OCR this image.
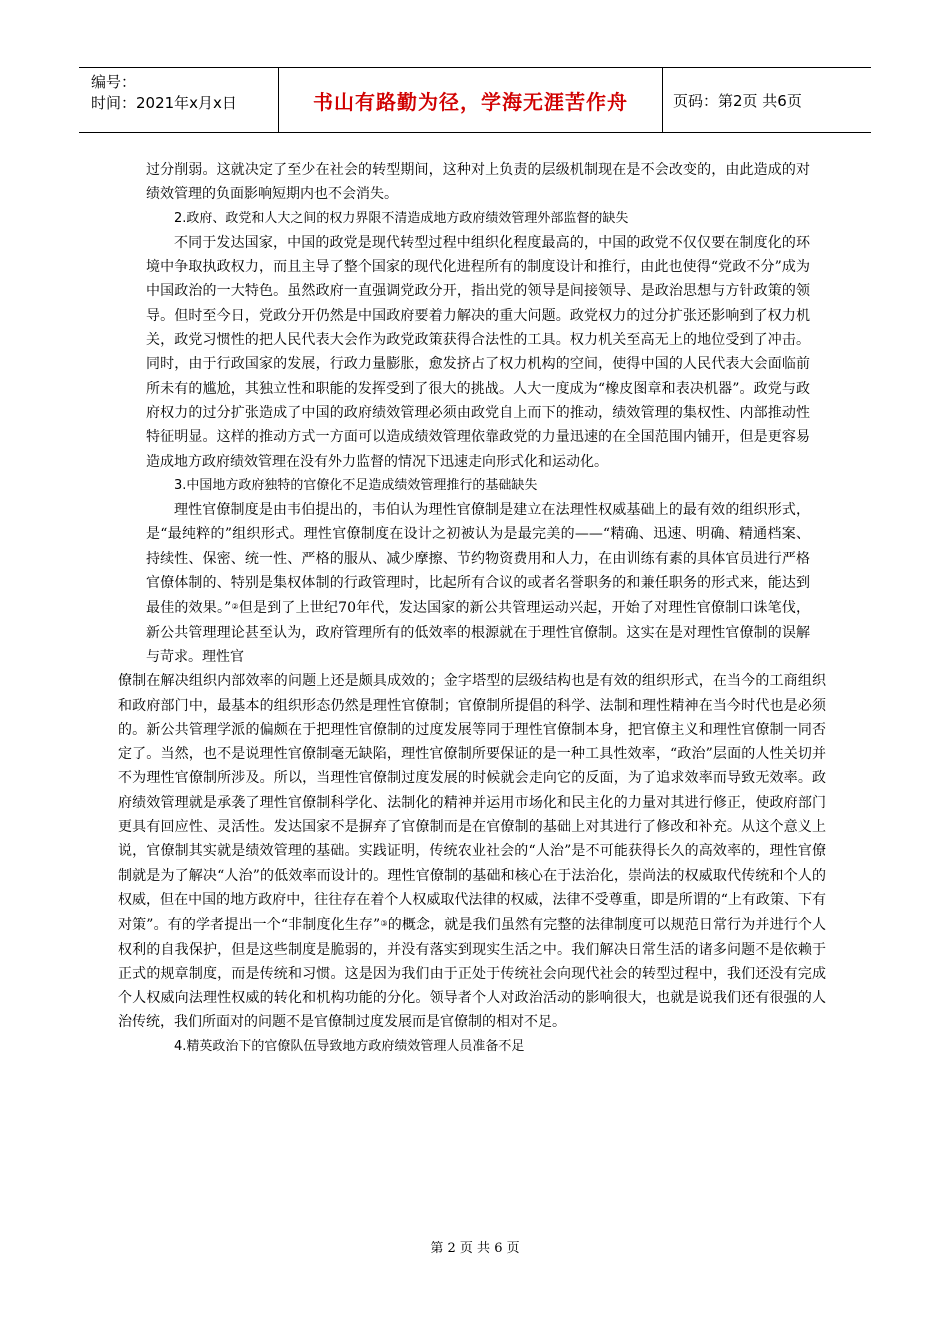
编号：
时间：2021年x月x日	书山有路勤为径，学海无涯苦作舟	页码：第2页 共6页

过分削弱。这就决定了至少在社会的转型期间，这种对上负责的层级机制现在是不会改变的，由此造成的对绩效管理的负面影响短期内也不会消失。

2.政府、政党和人大之间的权力界限不清造成地方政府绩效管理外部监督的缺失

不同于发达国家，中国的政党是现代转型过程中组织化程度最高的，中国的政党不仅仅要在制度化的环境中争取执政权力，而且主导了整个国家的现代化进程所有的制度设计和推行，由此也使得“党政不分”成为中国政治的一大特色。虽然政府一直强调党政分开，指出党的领导是间接领导、是政治思想与方针政策的领导。但时至今日，党政分开仍然是中国政府要着力解决的重大问题。政党权力的过分扩张还影响到了权力机关，政党习惯性的把人民代表大会作为政党政策获得合法性的工具。权力机关至高无上的地位受到了冲击。同时，由于行政国家的发展，行政力量膨胀，愈发挤占了权力机构的空间，使得中国的人民代表大会面临前所未有的尴尬，其独立性和职能的发挥受到了很大的挑战。人大一度成为“橡皮图章和表决机器”。政党与政府权力的过分扩张造成了中国的政府绩效管理必须由政党自上而下的推动，绩效管理的集权性、内部推动性特征明显。这样的推动方式一方面可以造成绩效管理依靠政党的力量迅速的在全国范围内铺开，但是更容易造成地方政府绩效管理在没有外力监督的情况下迅速走向形式化和运动化。

3.中国地方政府独特的官僚化不足造成绩效管理推行的基础缺失

理性官僚制度是由韦伯提出的，韦伯认为理性官僚制是建立在法理性权威基础上的最有效的组织形式，是“最纯粹的”组织形式。理性官僚制度在设计之初被认为是最完美的——“精确、迅速、明确、精通档案、持续性、保密、统一性、严格的服从、减少摩擦、节约物资费用和人力，在由训练有素的具体官员进行严格官僚体制的、特别是集权体制的行政管理时，比起所有合议的或者名誉职务的和兼任职务的形式来，能达到最佳的效果。”②但是到了上世纪70年代，发达国家的新公共管理运动兴起，开始了对理性官僚制口诛笔伐，新公共管理理论甚至认为，政府管理所有的低效率的根源就在于理性官僚制。这实在是对理性官僚制的误解与苛求。理性官

僚制在解决组织内部效率的问题上还是颇具成效的；金字塔型的层级结构也是有效的组织形式，在当今的工商组织和政府部门中，最基本的组织形态仍然是理性官僚制；官僚制所提倡的科学、法制和理性精神在当今时代也是必须的。新公共管理学派的偏颇在于把理性官僚制的过度发展等同于理性官僚制本身，把官僚主义和理性官僚制一同否定了。当然，也不是说理性官僚制毫无缺陷，理性官僚制所要保证的是一种工具性效率，“政治”层面的人性关切并不为理性官僚制所涉及。所以，当理性官僚制过度发展的时候就会走向它的反面，为了追求效率而导致无效率。政府绩效管理就是承袭了理性官僚制科学化、法制化的精神并运用市场化和民主化的力量对其进行修正，使政府部门更具有回应性、灵活性。发达国家不是摒弃了官僚制而是在官僚制的基础上对其进行了修改和补充。从这个意义上说，官僚制其实就是绩效管理的基础。实践证明，传统农业社会的“人治”是不可能获得长久的高效率的，理性官僚制就是为了解决“人治”的低效率而设计的。理性官僚制的基础和核心在于法治化，崇尚法的权威取代传统和个人的权威，但在中国的地方政府中，往往存在着个人权威取代法律的权威，法律不受尊重，即是所谓的“上有政策、下有对策”。有的学者提出一个“非制度化生存”③的概念，就是我们虽然有完整的法律制度可以规范日常行为并进行个人权利的自我保护，但是这些制度是脆弱的，并没有落实到现实生活之中。我们解决日常生活的诸多问题不是依赖于正式的规章制度，而是传统和习惯。这是因为我们由于正处于传统社会向现代社会的转型过程中，我们还没有完成个人权威向法理性权威的转化和机构功能的分化。领导者个人对政治活动的影响很大，也就是说我们还有很强的人治传统，我们所面对的问题不是官僚制过度发展而是官僚制的相对不足。

4.精英政治下的官僚队伍导致地方政府绩效管理人员准备不足

第 2 页 共 6 页
